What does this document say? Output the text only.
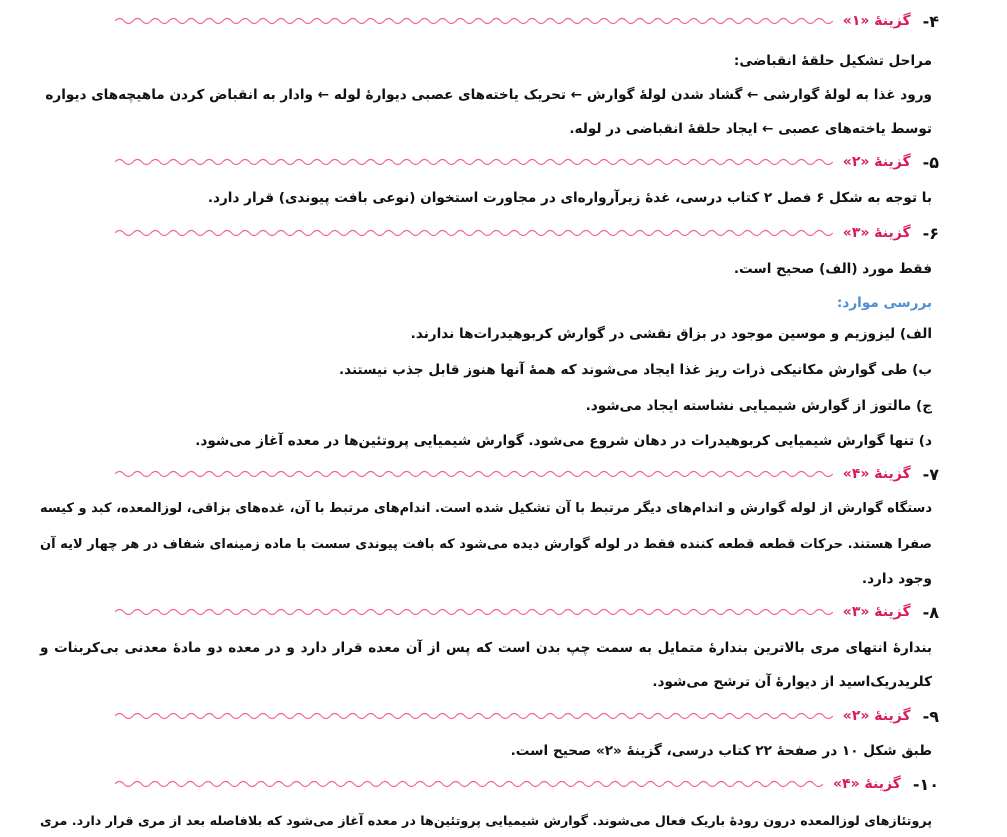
۴-
گزینهٔ «۱»
مراحل تشکیل حلقهٔ انقباضی:
ورود غذا به لولهٔ گوارشی ← گشاد شدن لولهٔ گوارش ← تحریک یاخته‌های عصبی دیوارهٔ لوله ← وادار به انقباض کردن ماهیچه‌های دیواره
توسط یاخته‌های عصبی ← ایجاد حلقهٔ انقباضی در لوله.
۵-
گزینهٔ «۲»
با توجه به شکل ۶ فصل ۲ کتاب درسی، غدهٔ زیرآرواره‌ای در مجاورت استخوان (نوعی بافت پیوندی) قرار دارد.
۶-
گزینهٔ «۳»
فقط مورد (الف) صحیح است.
بررسی موارد:
الف) لیزوزیم و موسین موجود در بزاق نقشی در گوارش کربوهیدرات‌ها ندارند.
ب) طی گوارش مکانیکی ذرات ریز غذا ایجاد می‌شوند که همهٔ آنها هنوز قابل جذب نیستند.
ج) مالتوز از گوارش شیمیایی نشاسته ایجاد می‌شود.
د) تنها گوارش شیمیایی کربوهیدرات در دهان شروع می‌شود. گوارش شیمیایی پروتئین‌ها در معده آغاز می‌شود.
۷-
گزینهٔ «۴»
دستگاه گوارش از لوله گوارش و اندام‌های دیگر مرتبط با آن تشکیل شده است. اندام‌های مرتبط با آن، غده‌های بزاقی، لوزالمعده، کبد و کیسه
صفرا هستند. حرکات قطعه قطعه کننده فقط در لوله گوارش دیده می‌شود که بافت پیوندی سست با ماده زمینه‌ای شفاف در هر چهار لایه آن
وجود دارد.
۸-
گزینهٔ «۳»
بندارهٔ انتهای مری بالاترین بندارهٔ متمایل به سمت چپ بدن است که پس از آن معده قرار دارد و در معده دو مادهٔ معدنی بی‌کربنات و
کلریدریک‌اسید از دیوارهٔ آن ترشح می‌شود.
۹-
گزینهٔ «۲»
طبق شکل ۱۰ در صفحهٔ ۲۲ کتاب درسی، گزینهٔ «۲» صحیح است.
۱۰-
گزینهٔ «۴»
پروتئازهای لوزالمعده درون رودهٔ باریک فعال می‌شوند. گوارش شیمیایی پروتئین‌ها در معده آغاز می‌شود که بلافاصله بعد از مری قرار دارد. مری
